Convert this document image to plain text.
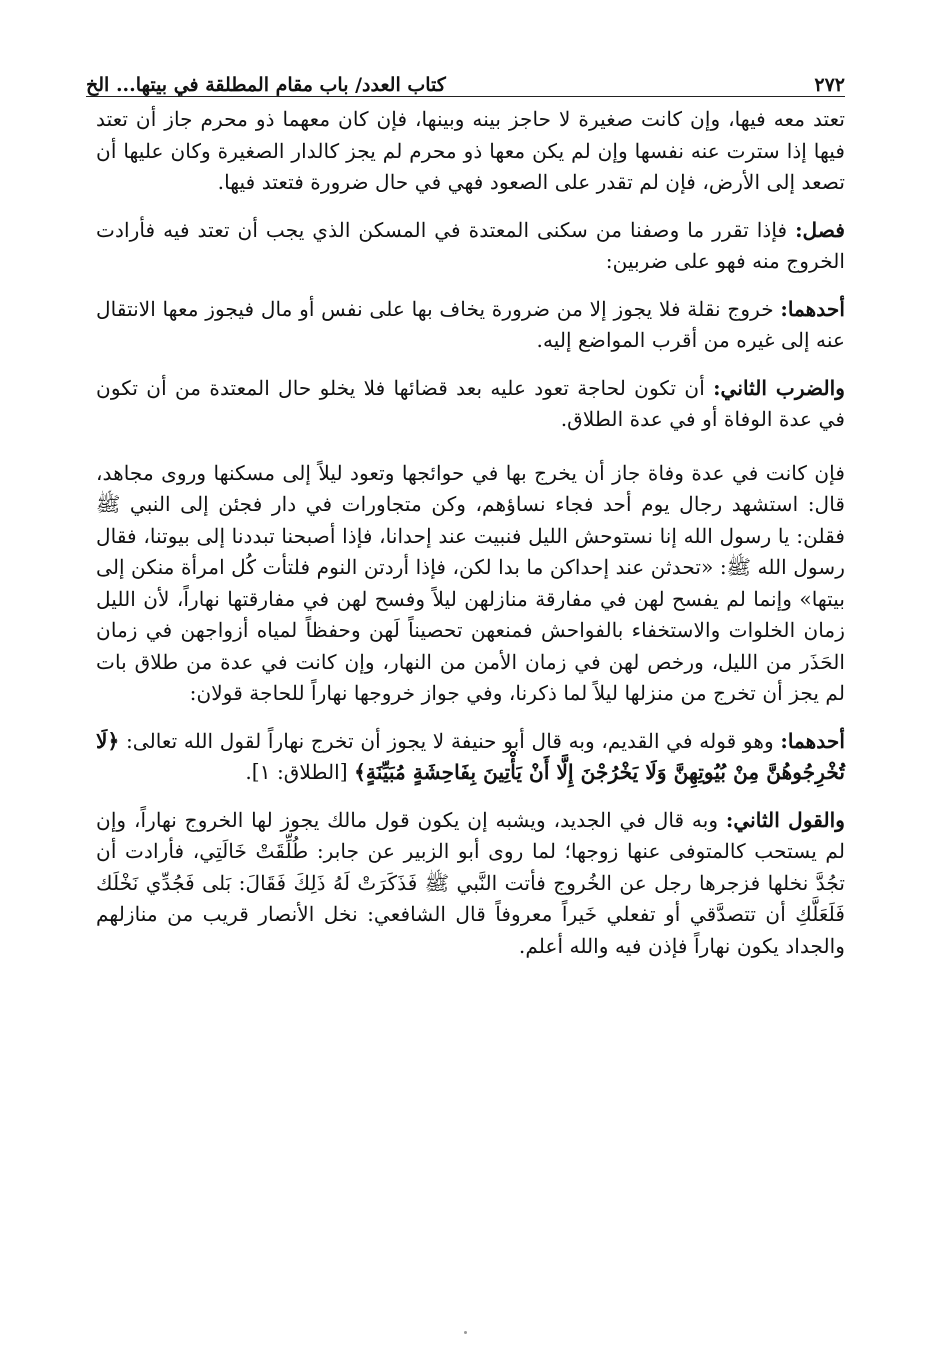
٢٧٢
كتاب العدد/ باب مقام المطلقة في بيتها... الخ

تعتد معه فيها، وإن كانت صغيرة لا حاجز بينه وبينها، فإن كان معهما ذو محرم جاز أن تعتد فيها إذا سترت عنه نفسها وإن لم يكن معها ذو محرم لم يجز كالدار الصغيرة وكان عليها أن تصعد إلى الأرض، فإن لم تقدر على الصعود فهي في حال ضرورة فتعتد فيها.

فصل: فإذا تقرر ما وصفنا من سكنى المعتدة في المسكن الذي يجب أن تعتد فيه فأرادت الخروج منه فهو على ضربين:

أحدهما: خروج نقلة فلا يجوز إلا من ضرورة يخاف بها على نفس أو مال فيجوز معها الانتقال عنه إلى غيره من أقرب المواضع إليه.

والضرب الثاني: أن تكون لحاجة تعود عليه بعد قضائها فلا يخلو حال المعتدة من أن تكون في عدة الوفاة أو في عدة الطلاق.

فإن كانت في عدة وفاة جاز أن يخرج بها في حوائجها وتعود ليلاً إلى مسكنها وروى مجاهد، قال: استشهد رجال يوم أحد فجاء نساؤهم، وكن متجاورات في دار فجئن إلى النبي ﷺ فقلن: يا رسول الله إنا نستوحش الليل فنبيت عند إحدانا، فإذا أصبحنا تبددنا إلى بيوتنا، فقال رسول الله ﷺ: «تحدثن عند إحداكن ما بدا لكن، فإذا أردتن النوم فلتأت كُل امرأة منكن إلى بيتها» وإنما لم يفسح لهن في مفارقة منازلهن ليلاً وفسح لهن في مفارقتها نهاراً، لأن الليل زمان الخلوات والاستخفاء بالفواحش فمنعهن تحصيناً لَهن وحفظاً لمياه أزواجهن في زمان الحَذَر من الليل، ورخص لهن في زمان الأمن من النهار، وإن كانت في عدة من طلاق بات لم يجز أن تخرج من منزلها ليلاً لما ذكرنا، وفي جواز خروجها نهاراً للحاجة قولان:

أحدهما: وهو قوله في القديم، وبه قال أبو حنيفة لا يجوز أن تخرج نهاراً لقول الله تعالى: ﴿لَا تُخْرِجُوهُنَّ مِنْ بُيُوتِهِنَّ وَلَا يَخْرُجْنَ إِلَّا أَنْ يَأْتِينَ بِفَاحِشَةٍ مُبَيِّنَةٍ﴾ [الطلاق: ١].

والقول الثاني: وبه قال في الجديد، ويشبه إن يكون قول مالك يجوز لها الخروج نهاراً، وإن لم يستحب كالمتوفى عنها زوجها؛ لما روى أبو الزبير عن جابر: طُلِّقَتْ خَالَتِي، فأرادت أن تجُدَّ نخلها فزجرها رجل عن الخُروج فأتت النَّبي ﷺ فَذَكَرَتْ لَهُ ذَلِكَ فَقَالَ: بَلى فَجُدِّي نَخْلَك فَلَعَلَّكِ أن تتصدَّقي أو تفعلي خَيراً معروفاً قال الشافعي: نخل الأنصار قريب من منازلهم والجداد يكون نهاراً فإذن فيه والله أعلم.
